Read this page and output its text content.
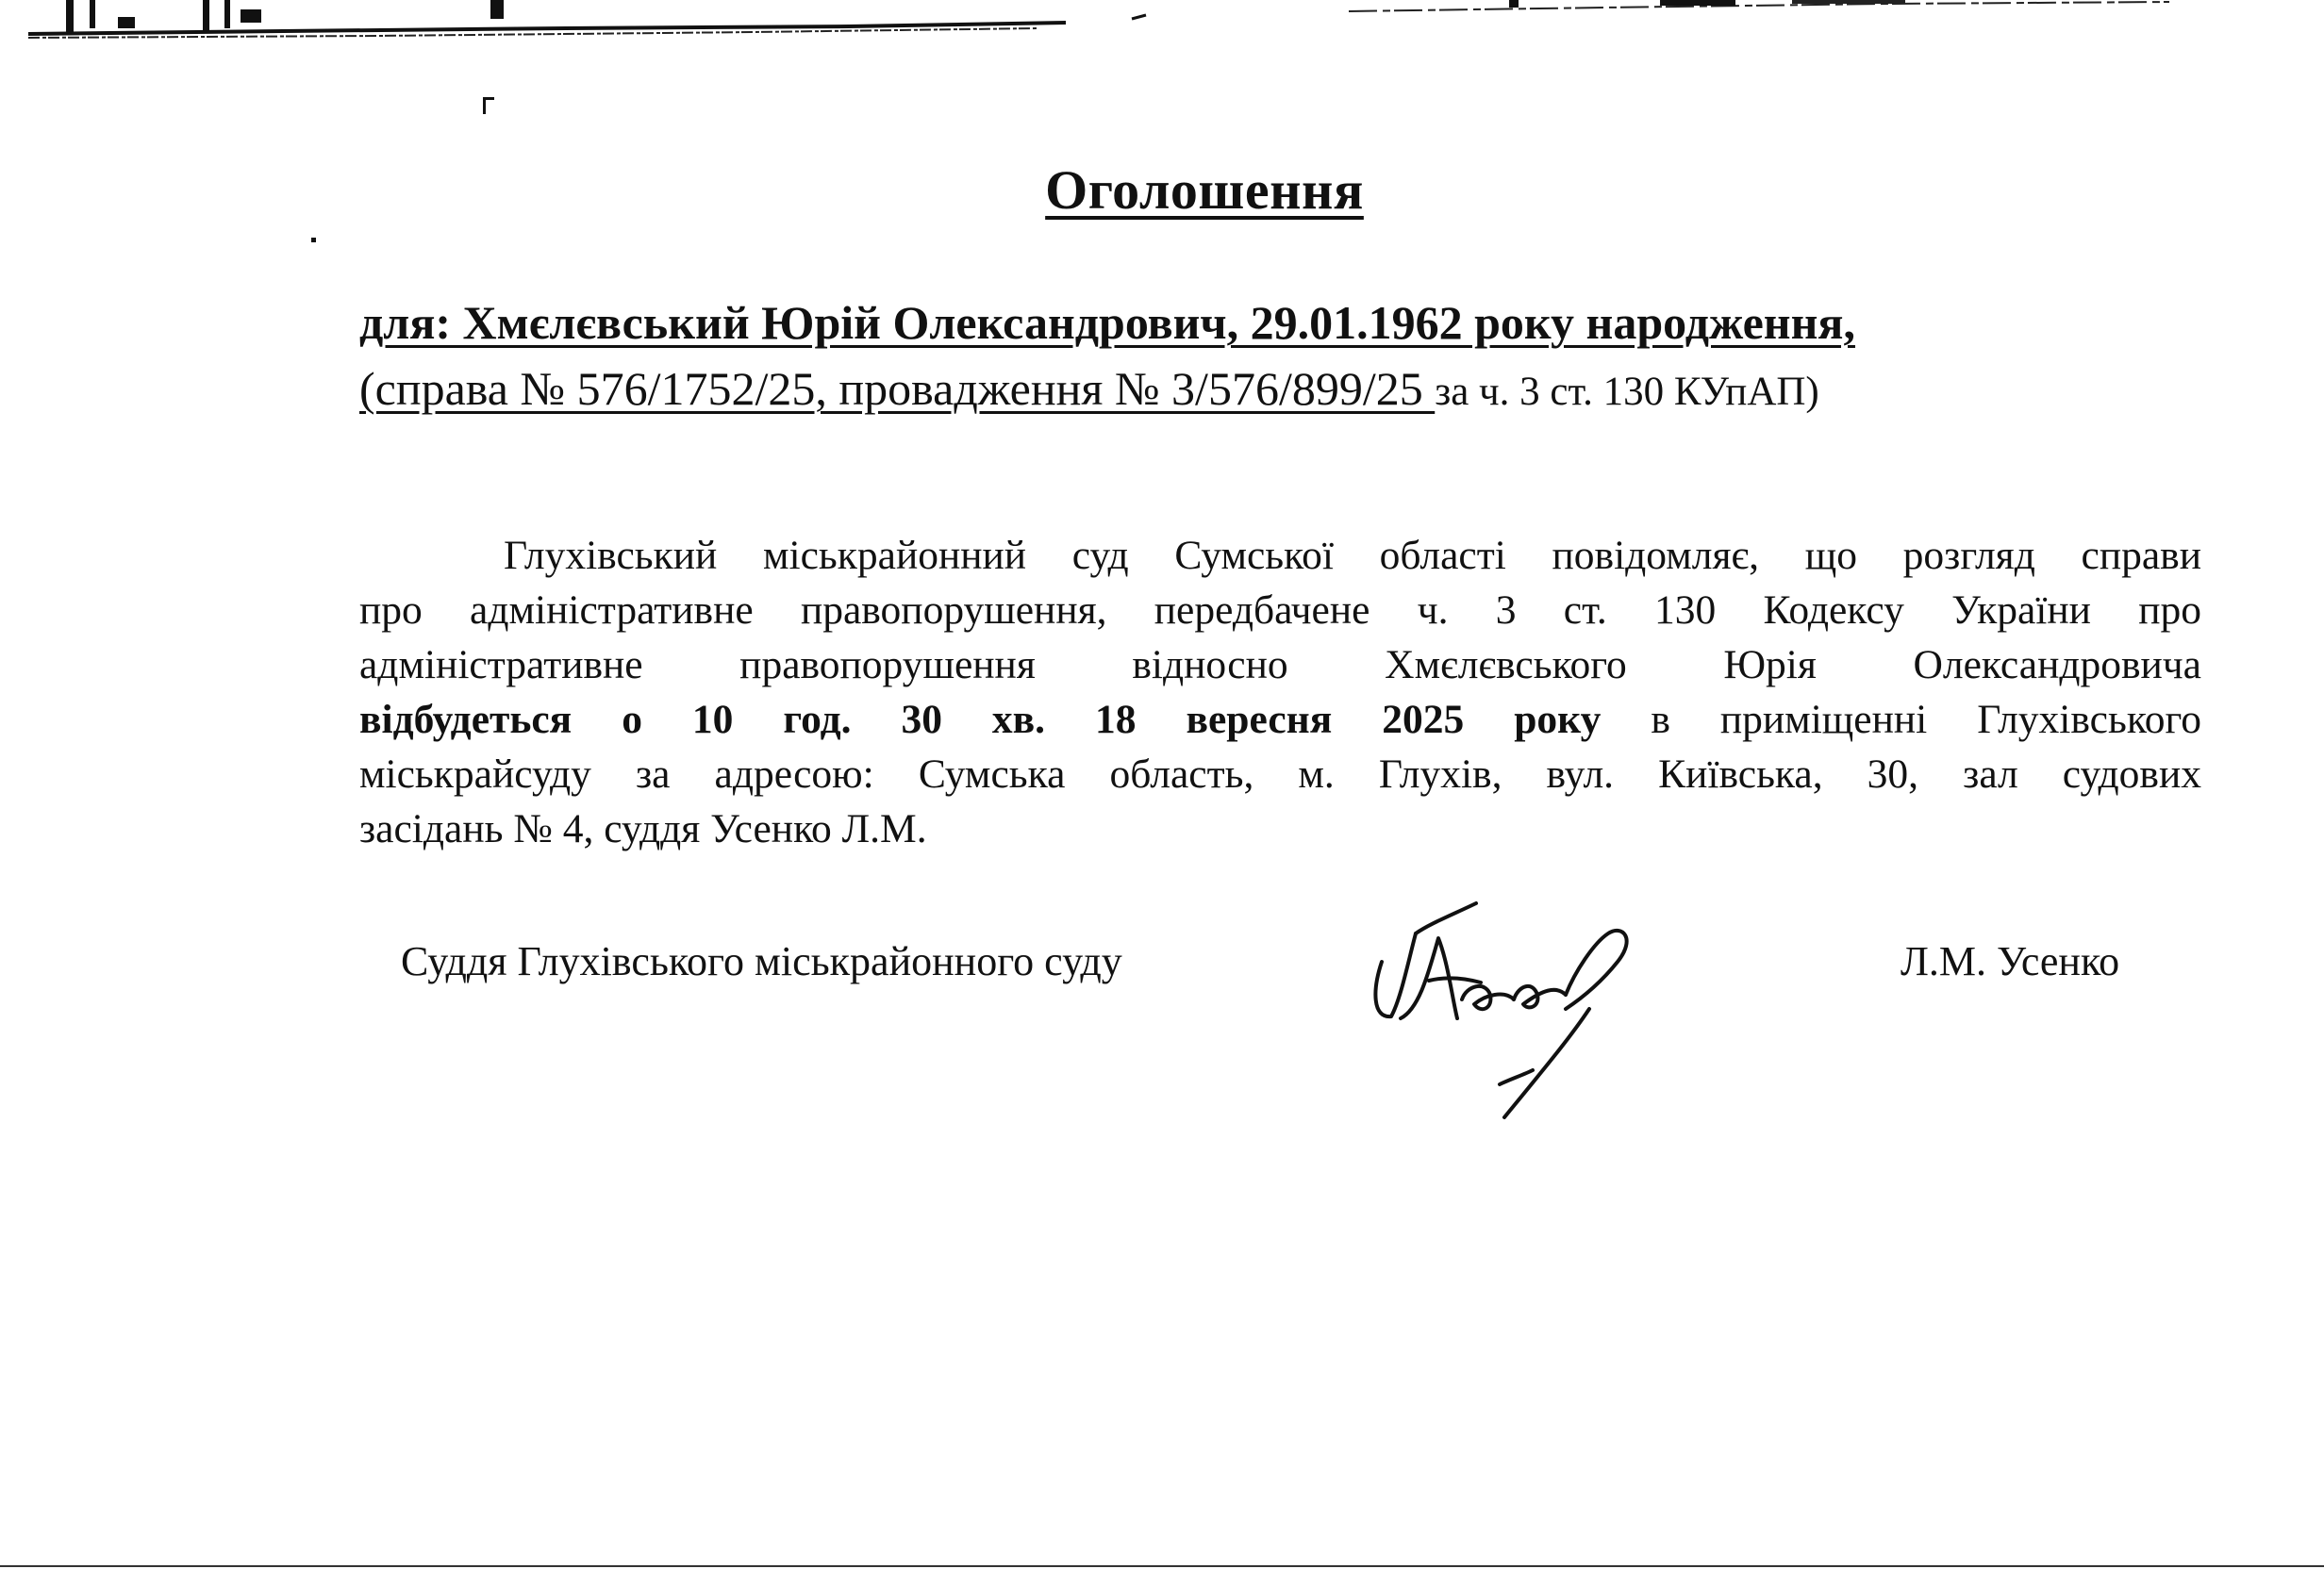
Оголошення
для: Хмєлєвський Юрій Олександрович, 29.01.1962 року народження,
(справа № 576/1752/25, провадження № 3/576/899/25 за ч. 3 ст. 130 КУпАП)
Глухівський міськрайонний суд Сумської області повідомляє, що розгляд справи
про адміністративне правопорушення, передбачене ч. 3 ст. 130 Кодексу України про
адміністративне правопорушення відносно Хмєлєвського Юрія Олександровича
відбудеться о 10 год. 30 хв. 18 вересня 2025 року в приміщенні Глухівського
міськрайсуду за адресою: Сумська область, м. Глухів, вул. Київська, 30, зал судових
засідань № 4, суддя Усенко Л.М.
Суддя Глухівського міськрайонного суду	Л.М. Усенко
